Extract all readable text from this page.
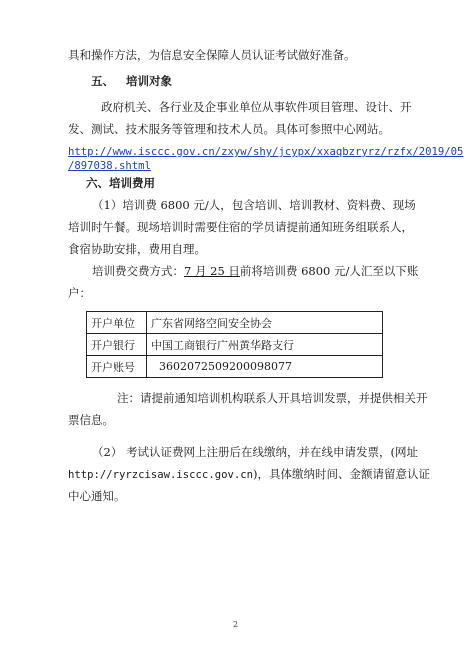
具和操作方法，为信息安全保障人员认证考试做好准备。
五、 培训对象
政府机关、各行业及企事业单位从事软件项目管理、设计、开
发、测试、技术服务等管理和技术人员。具体可参照中心网站。
http://www.isccc.gov.cn/zxyw/shy/jcypx/xxaqbzryrz/rzfx/2019/05
/897038.shtml
六、培训费用
（1）培训费 6800 元/人，包含培训、培训教材、资料费、现场
培训时午餐。现场培训时需要住宿的学员请提前通知班务组联系人，
食宿协助安排，费用自理。
培训费交费方式：7 月 25 日前将培训费 6800 元/人汇至以下账
户：
开户单位	广东省网络空间安全协会
开户银行	中国工商银行广州黄华路支行
开户账号	3602072509200098077
注：请提前通知培训机构联系人开具培训发票，并提供相关开
票信息。
（2） 考试认证费网上注册后在线缴纳，并在线申请发票，(网址
http://ryrzcisaw.isccc.gov.cn)，具体缴纳时间、金额请留意认证
中心通知。
2
